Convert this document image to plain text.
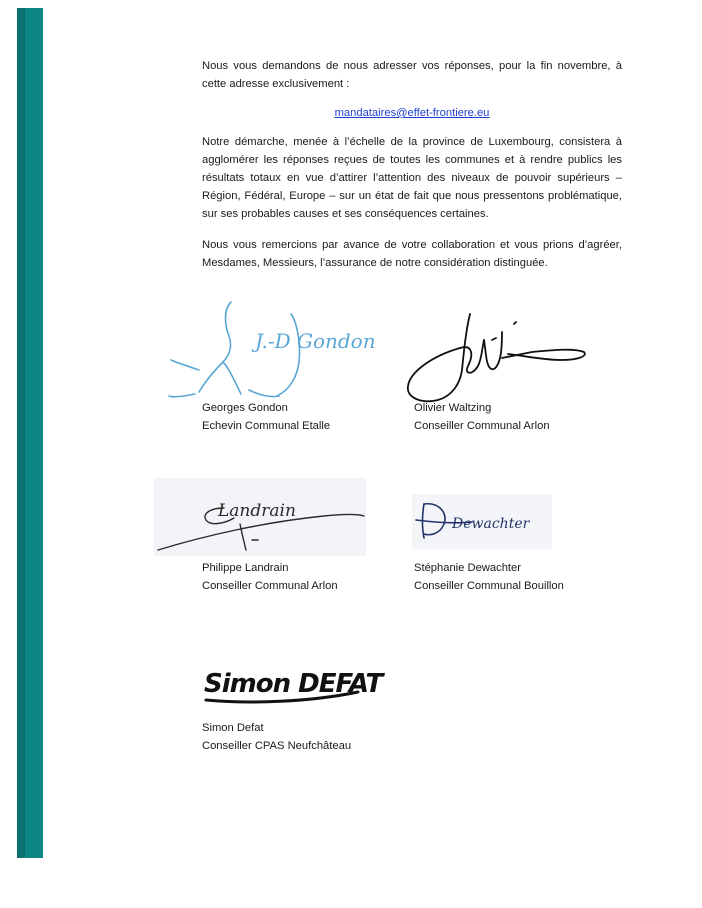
Nous vous demandons de nous adresser vos réponses, pour la fin novembre, à cette adresse exclusivement :

mandataires@effet-frontiere.eu

Notre démarche, menée à l’échelle de la province de Luxembourg, consistera à agglomérer les réponses reçues de toutes les communes et à rendre publics les résultats totaux en vue d’attirer l’attention des niveaux de pouvoir supérieurs – Région, Fédéral, Europe – sur un état de fait que nous pressentons problématique, sur ses probables causes et ses conséquences certaines.

Nous vous remercions par avance de votre collaboration et vous prions d’agréer, Mesdames, Messieurs, l’assurance de notre considération distinguée.

J.-D Gondon
Georges Gondon
Echevin Communal Etalle
Olivier Waltzing
Conseiller Communal Arlon
Landrain
Philippe Landrain
Conseiller Communal Arlon
Dewachter
Stéphanie Dewachter
Conseiller Communal Bouillon
Simon DEFAT
Simon Defat
Conseiller CPAS Neufchâteau
